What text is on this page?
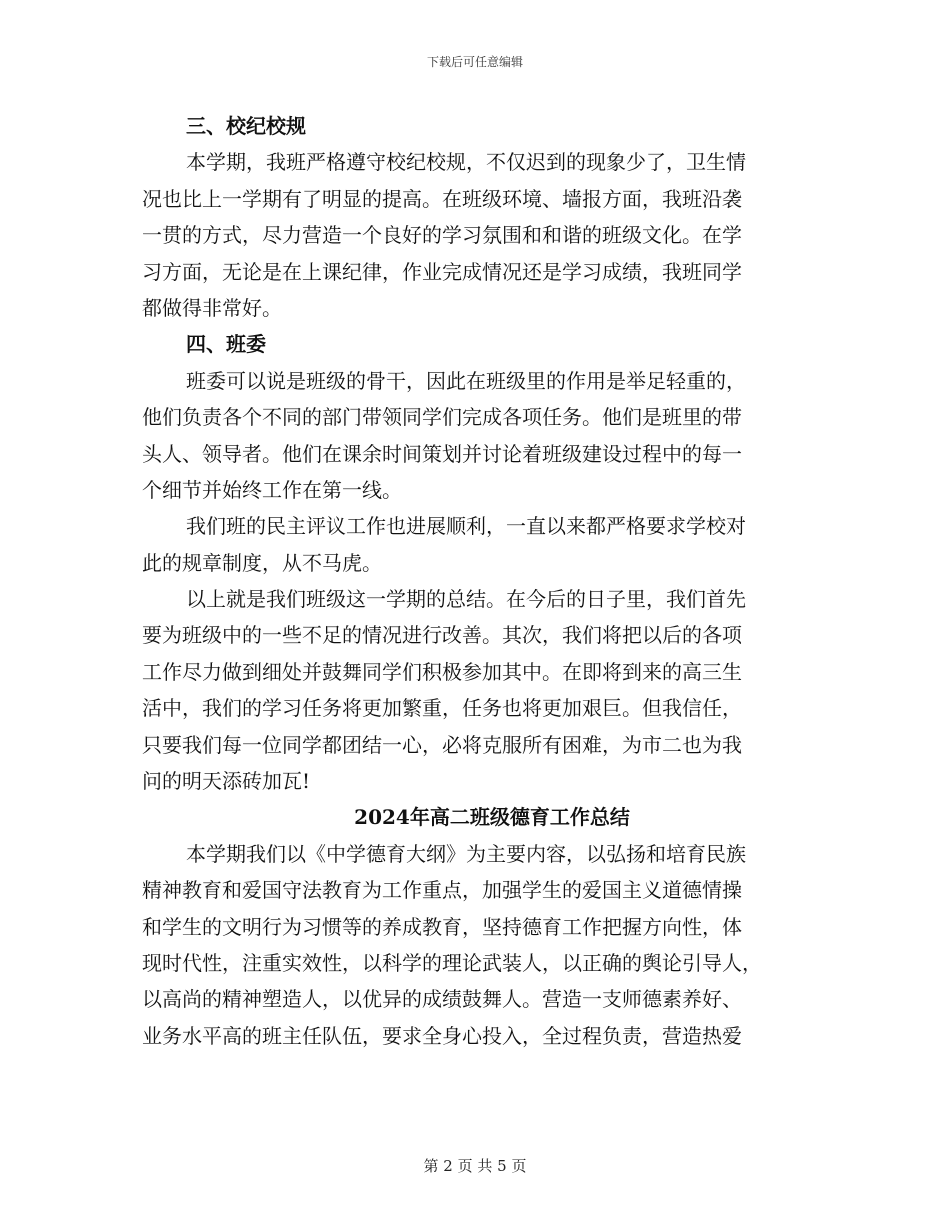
下载后可任意编辑
三、校纪校规
本学期，我班严格遵守校纪校规，不仅迟到的现象少了，卫生情
况也比上一学期有了明显的提高。在班级环境、墙报方面，我班沿袭
一贯的方式，尽力营造一个良好的学习氛围和和谐的班级文化。在学
习方面，无论是在上课纪律，作业完成情况还是学习成绩，我班同学
都做得非常好。
四、班委
班委可以说是班级的骨干，因此在班级里的作用是举足轻重的，
他们负责各个不同的部门带领同学们完成各项任务。他们是班里的带
头人、领导者。他们在课余时间策划并讨论着班级建设过程中的每一
个细节并始终工作在第一线。
我们班的民主评议工作也进展顺利，一直以来都严格要求学校对
此的规章制度，从不马虎。
以上就是我们班级这一学期的总结。在今后的日子里，我们首先
要为班级中的一些不足的情况进行改善。其次，我们将把以后的各项
工作尽力做到细处并鼓舞同学们积极参加其中。在即将到来的高三生
活中，我们的学习任务将更加繁重，任务也将更加艰巨。但我信任，
只要我们每一位同学都团结一心，必将克服所有困难，为市二也为我
问的明天添砖加瓦!
2024年高二班级德育工作总结
本学期我们以《中学德育大纲》为主要内容，以弘扬和培育民族
精神教育和爱国守法教育为工作重点，加强学生的爱国主义道德情操
和学生的文明行为习惯等的养成教育，坚持德育工作把握方向性，体
现时代性，注重实效性，以科学的理论武装人，以正确的舆论引导人，
以高尚的精神塑造人，以优异的成绩鼓舞人。营造一支师德素养好、
业务水平高的班主任队伍，要求全身心投入，全过程负责，营造热爱
第 2 页 共 5 页
